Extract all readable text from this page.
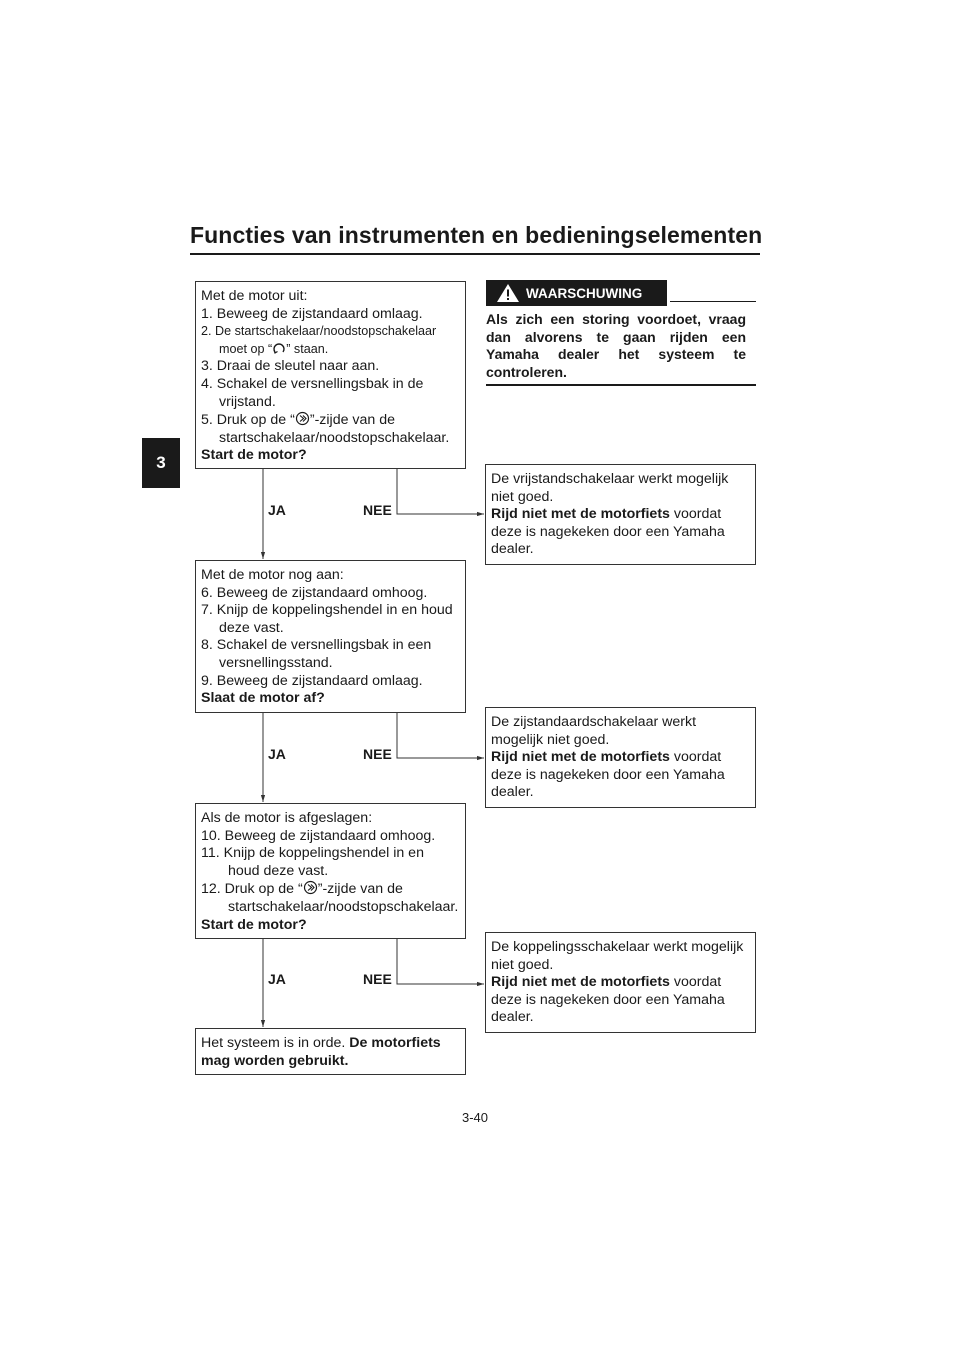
Functies van instrumenten en bedieningselementen
3
Met de motor uit:
1. Beweeg de zijstandaard omlaag.
2. De startschakelaar/noodstopschakelaar
moet op “ ” staan.
3. Draai de sleutel naar aan.
4. Schakel de versnellingsbak in de
vrijstand.
5. Druk op de “ ”-zijde van de
startschakelaar/noodstopschakelaar.
Start de motor?
JA	NEE
De vrijstandschakelaar werkt mogelijk
niet goed.
Rijd niet met de motorfiets voordat
deze is nagekeken door een Yamaha
dealer.
Met de motor nog aan:
6. Beweeg de zijstandaard omhoog.
7. Knijp de koppelingshendel in en houd
deze vast.
8. Schakel de versnellingsbak in een
versnellingsstand.
9. Beweeg de zijstandaard omlaag.
Slaat de motor af?
JA	NEE
De zijstandaardschakelaar werkt
mogelijk niet goed.
Rijd niet met de motorfiets voordat
deze is nagekeken door een Yamaha
dealer.
Als de motor is afgeslagen:
10. Beweeg de zijstandaard omhoog.
11. Knijp de koppelingshendel in en
houd deze vast.
12. Druk op de “ ”-zijde van de
startschakelaar/noodstopschakelaar.
Start de motor?
JA	NEE
De koppelingsschakelaar werkt mogelijk
niet goed.
Rijd niet met de motorfiets voordat
deze is nagekeken door een Yamaha
dealer.
Het systeem is in orde. De motorfiets
mag worden gebruikt.
WAARSCHUWING
Als zich een storing voordoet, vraag dan alvorens te gaan rijden een Yamaha dealer het systeem te controleren.
3-40
